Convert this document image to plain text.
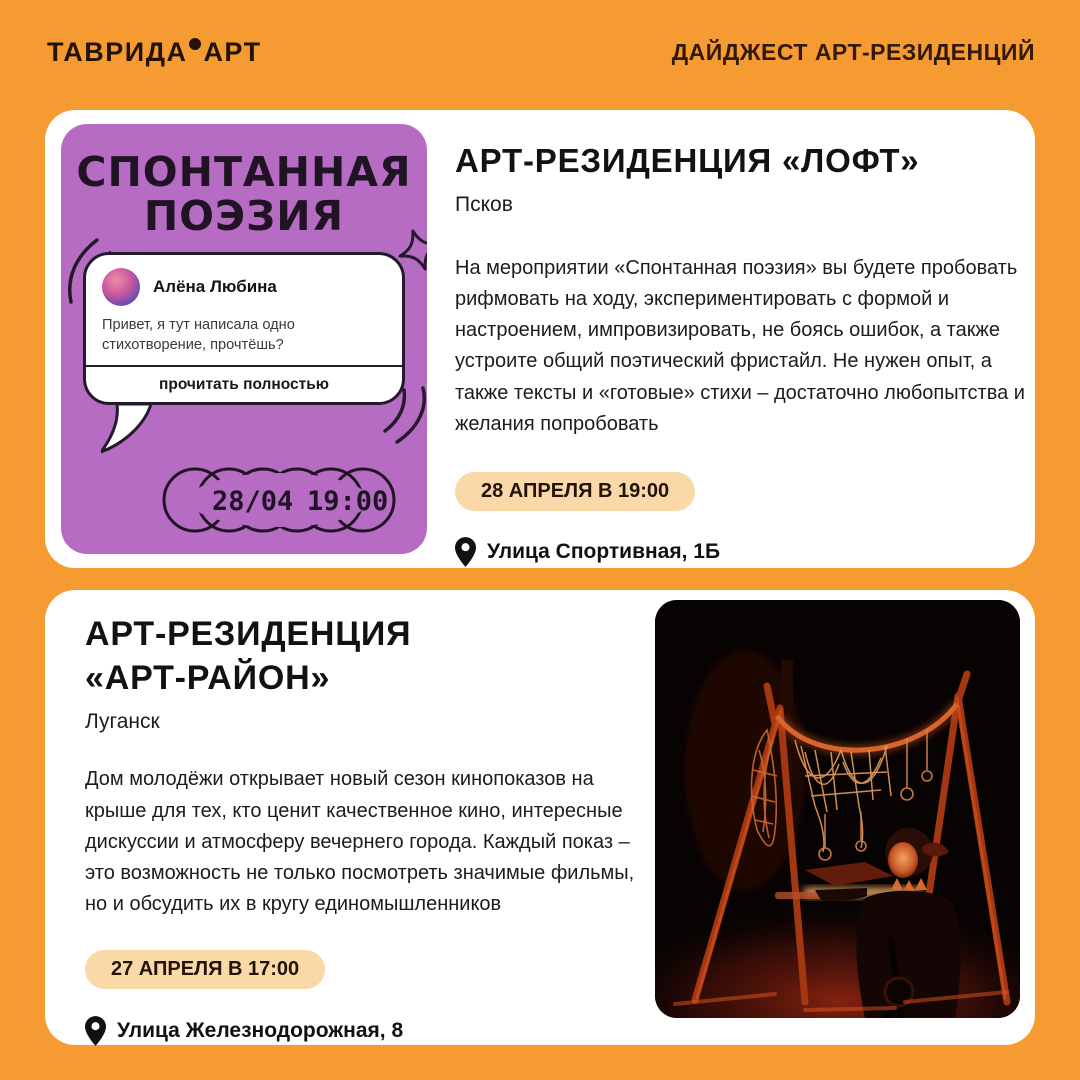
ТАВРИДА АРТ	ДАЙДЖЕСТ АРТ-РЕЗИДЕНЦИЙ
СПОНТАННАЯ
ПОЭЗИЯ
Алёна Любина
Привет, я тут написала одно стихотворение, прочтёшь?
прочитать полностью
28/04 19:00
АРТ-РЕЗИДЕНЦИЯ «ЛОФТ»
Псков
На мероприятии «Спонтанная поэзия» вы будете пробовать рифмовать на ходу, экспериментировать с формой и настроением, импровизировать, не боясь ошибок, а также устроите общий поэтический фристайл. Не нужен опыт, а также тексты и «готовые» стихи – достаточно любопытства и желания попробовать
28 АПРЕЛЯ В 19:00
Улица Спортивная, 1Б
АРТ-РЕЗИДЕНЦИЯ
«АРТ-РАЙОН»
Луганск
Дом молодёжи открывает новый сезон кинопоказов на крыше для тех, кто ценит качественное кино, интересные дискуссии и атмосферу вечернего города. Каждый показ – это возможность не только посмотреть значимые фильмы, но и обсудить их в кругу единомышленников
27 АПРЕЛЯ В 17:00
Улица Железнодорожная, 8
